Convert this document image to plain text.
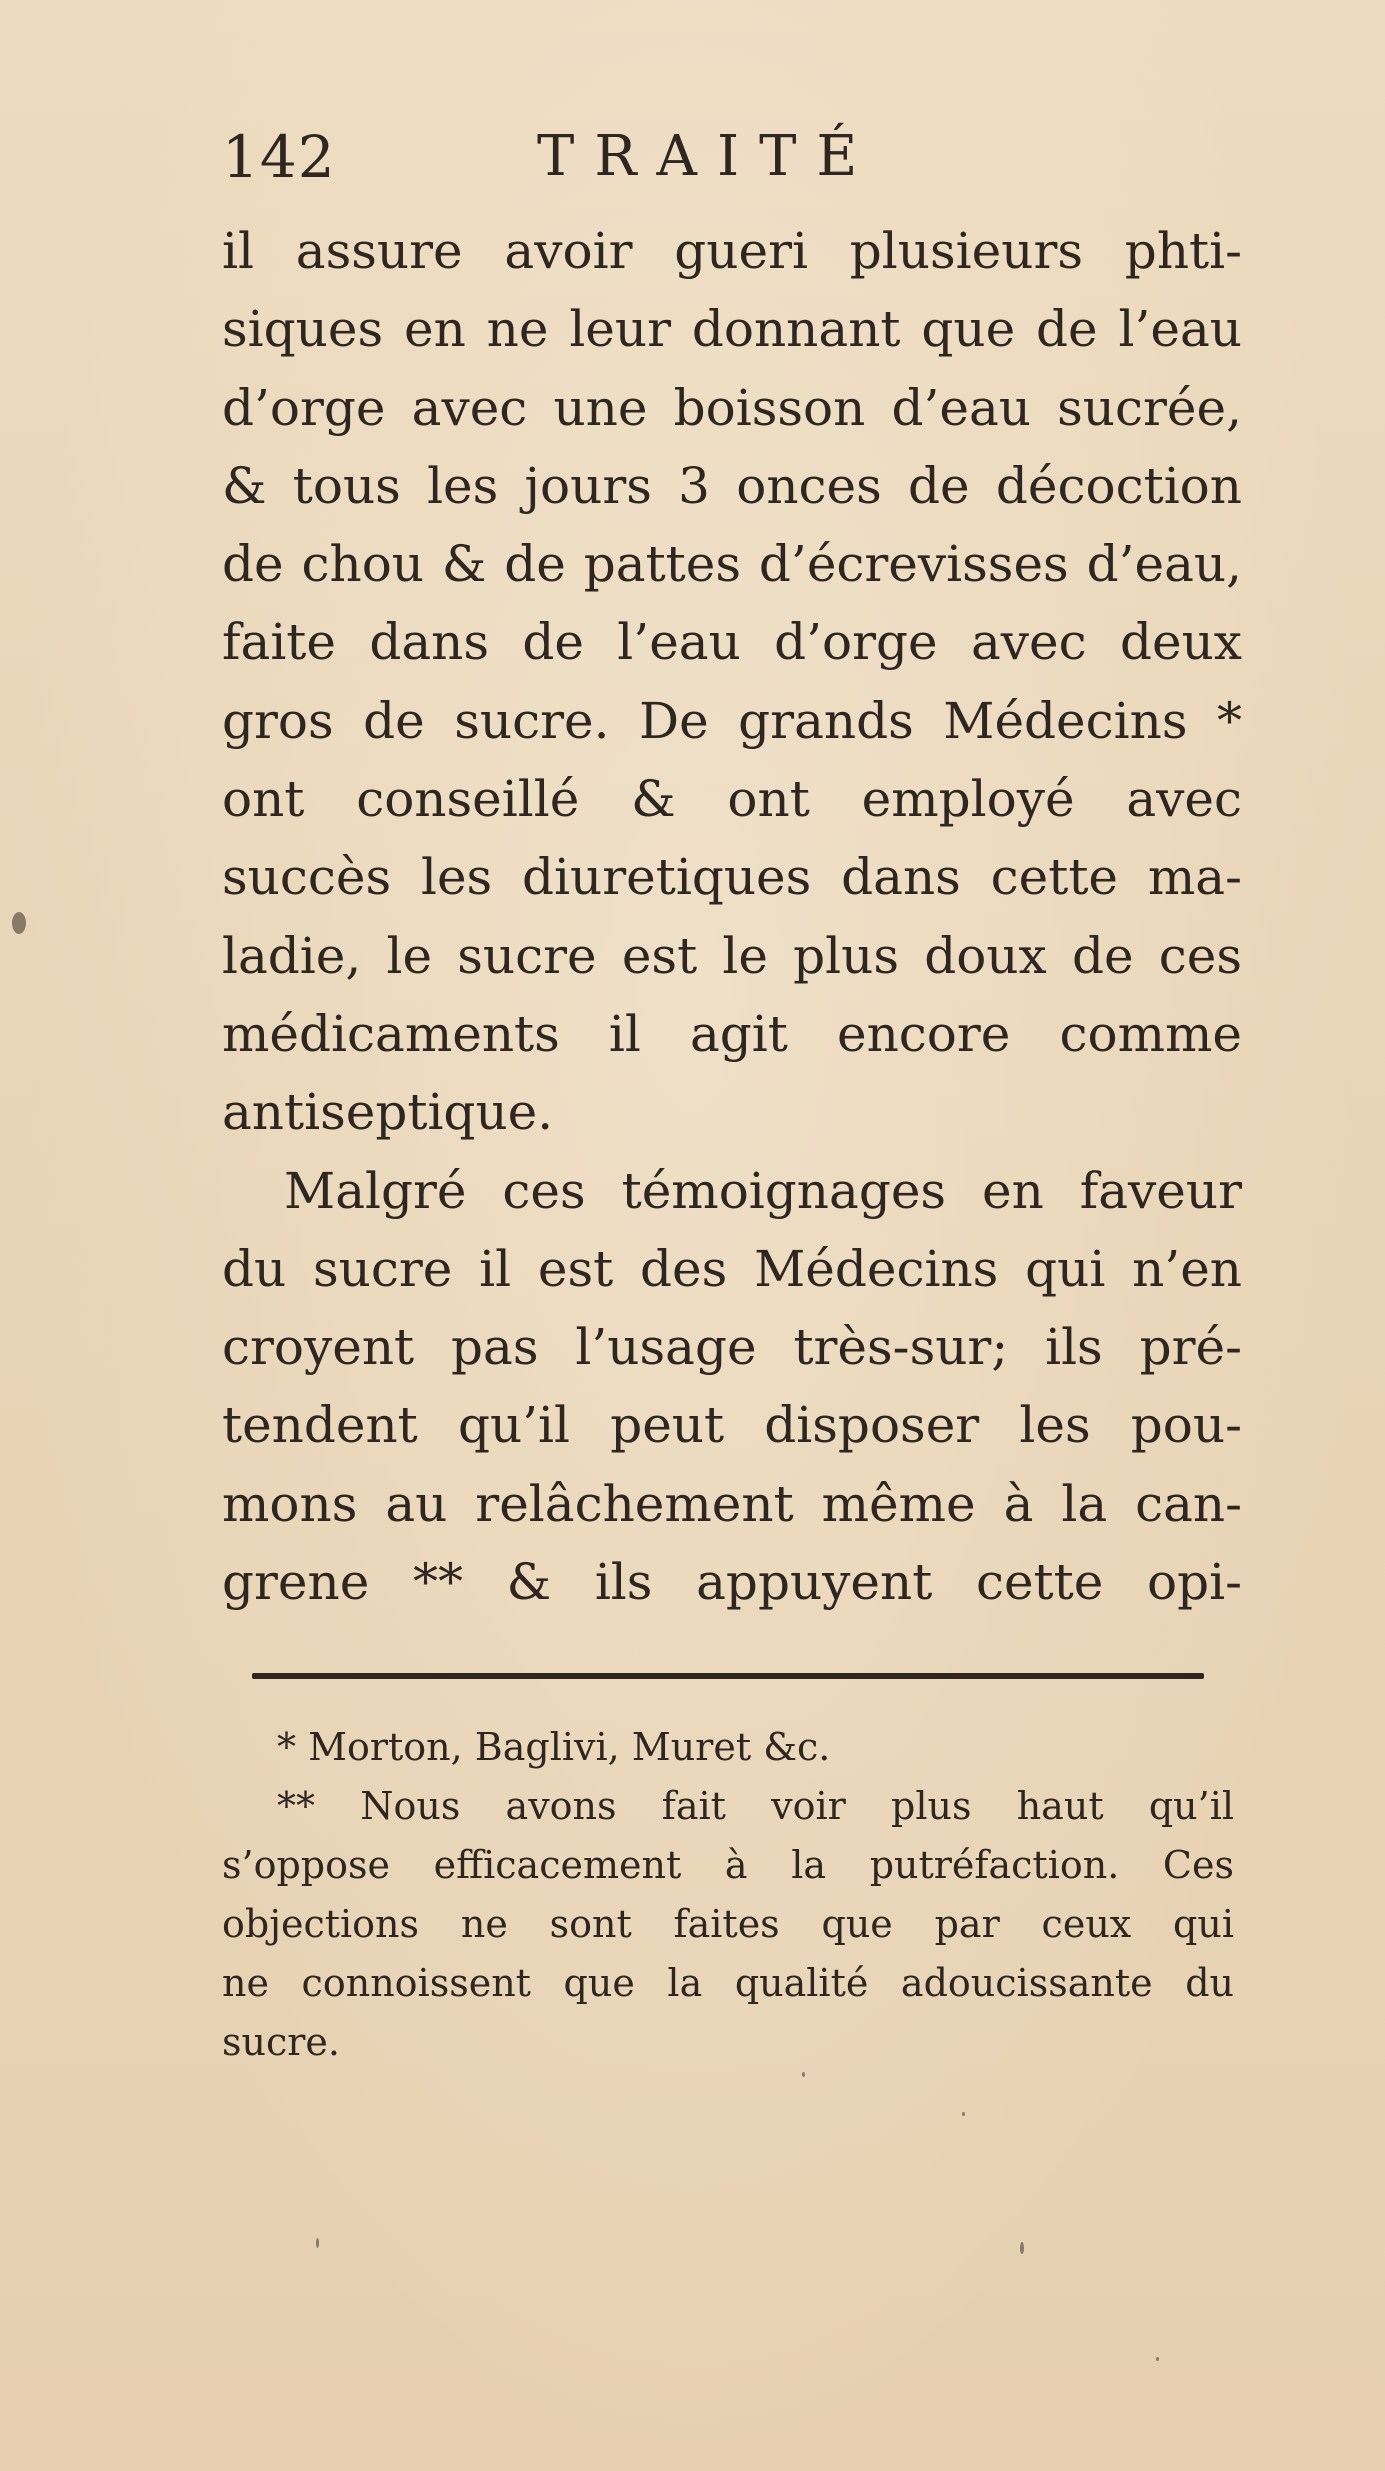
142	TRAITÉ
il assure avoir gueri plusieurs phti-
siques en ne leur donnant que de l’eau
d’orge avec une boisson d’eau sucrée,
& tous les jours 3 onces de décoction
de chou & de pattes d’écrevisses d’eau,
faite dans de l’eau d’orge avec deux
gros de sucre. De grands Médecins *
ont conseillé & ont employé avec
succès les diuretiques dans cette ma-
ladie, le sucre est le plus doux de ces
médicaments il agit encore comme
antiseptique.
Malgré ces témoignages en faveur
du sucre il est des Médecins qui n’en
croyent pas l’usage très-sur; ils pré-
tendent qu’il peut disposer les pou-
mons au relâchement même à la can-
grene ** & ils appuyent cette opi-
* Morton, Baglivi, Muret &c.
** Nous avons fait voir plus haut qu’il
s’oppose efficacement à la putréfaction. Ces
objections ne sont faites que par ceux qui
ne connoissent que la qualité adoucissante du
sucre.
